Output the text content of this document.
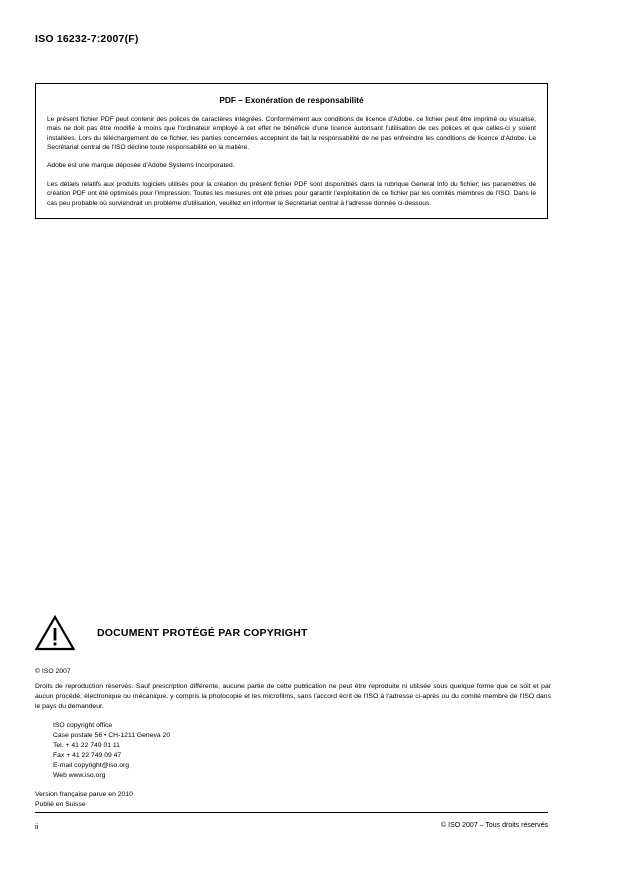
ISO 16232-7:2007(F)
PDF – Exonération de responsabilité

Le présent fichier PDF peut contenir des polices de caractères intégrées. Conformément aux conditions de licence d'Adobe, ce fichier peut être imprimé ou visualisé, mais ne doit pas être modifié à moins que l'ordinateur employé à cet effet ne bénéficie d'une licence autorisant l'utilisation de ces polices et que celles-ci y soient installées. Lors du téléchargement de ce fichier, les parties concernées acceptent de fait la responsabilité de ne pas enfreindre les conditions de licence d'Adobe. Le Secrétariat central de l'ISO décline toute responsabilité en la matière.

Adobe est une marque déposée d'Adobe Systems Incorporated.

Les détails relatifs aux produits logiciels utilisés pour la création du présent fichier PDF sont disponibles dans la rubrique General Info du fichier; les paramètres de création PDF ont été optimisés pour l'impression. Toutes les mesures ont été prises pour garantir l'exploitation de ce fichier par les comités membres de l'ISO. Dans le cas peu probable où surviendrait un problème d'utilisation, veuillez en informer le Secrétariat central à l'adresse donnée ci-dessous.

DOCUMENT PROTÉGÉ PAR COPYRIGHT
© ISO 2007
Droits de reproduction réservés. Sauf prescription différente, aucune partie de cette publication ne peut être reproduite ni utilisée sous quelque forme que ce soit et par aucun procédé, électronique ou mécanique, y compris la photocopie et les microfilms, sans l'accord écrit de l'ISO à l'adresse ci-après ou du comité membre de l'ISO dans le pays du demandeur.
ISO copyright office
Case postale 56 • CH-1211 Geneva 20
Tel. + 41 22 749 01 11
Fax + 41 22 749 09 47
E-mail copyright@iso.org
Web www.iso.org
Version française parue en 2010
Publié en Suisse
ii	© ISO 2007 – Tous droits réservés
